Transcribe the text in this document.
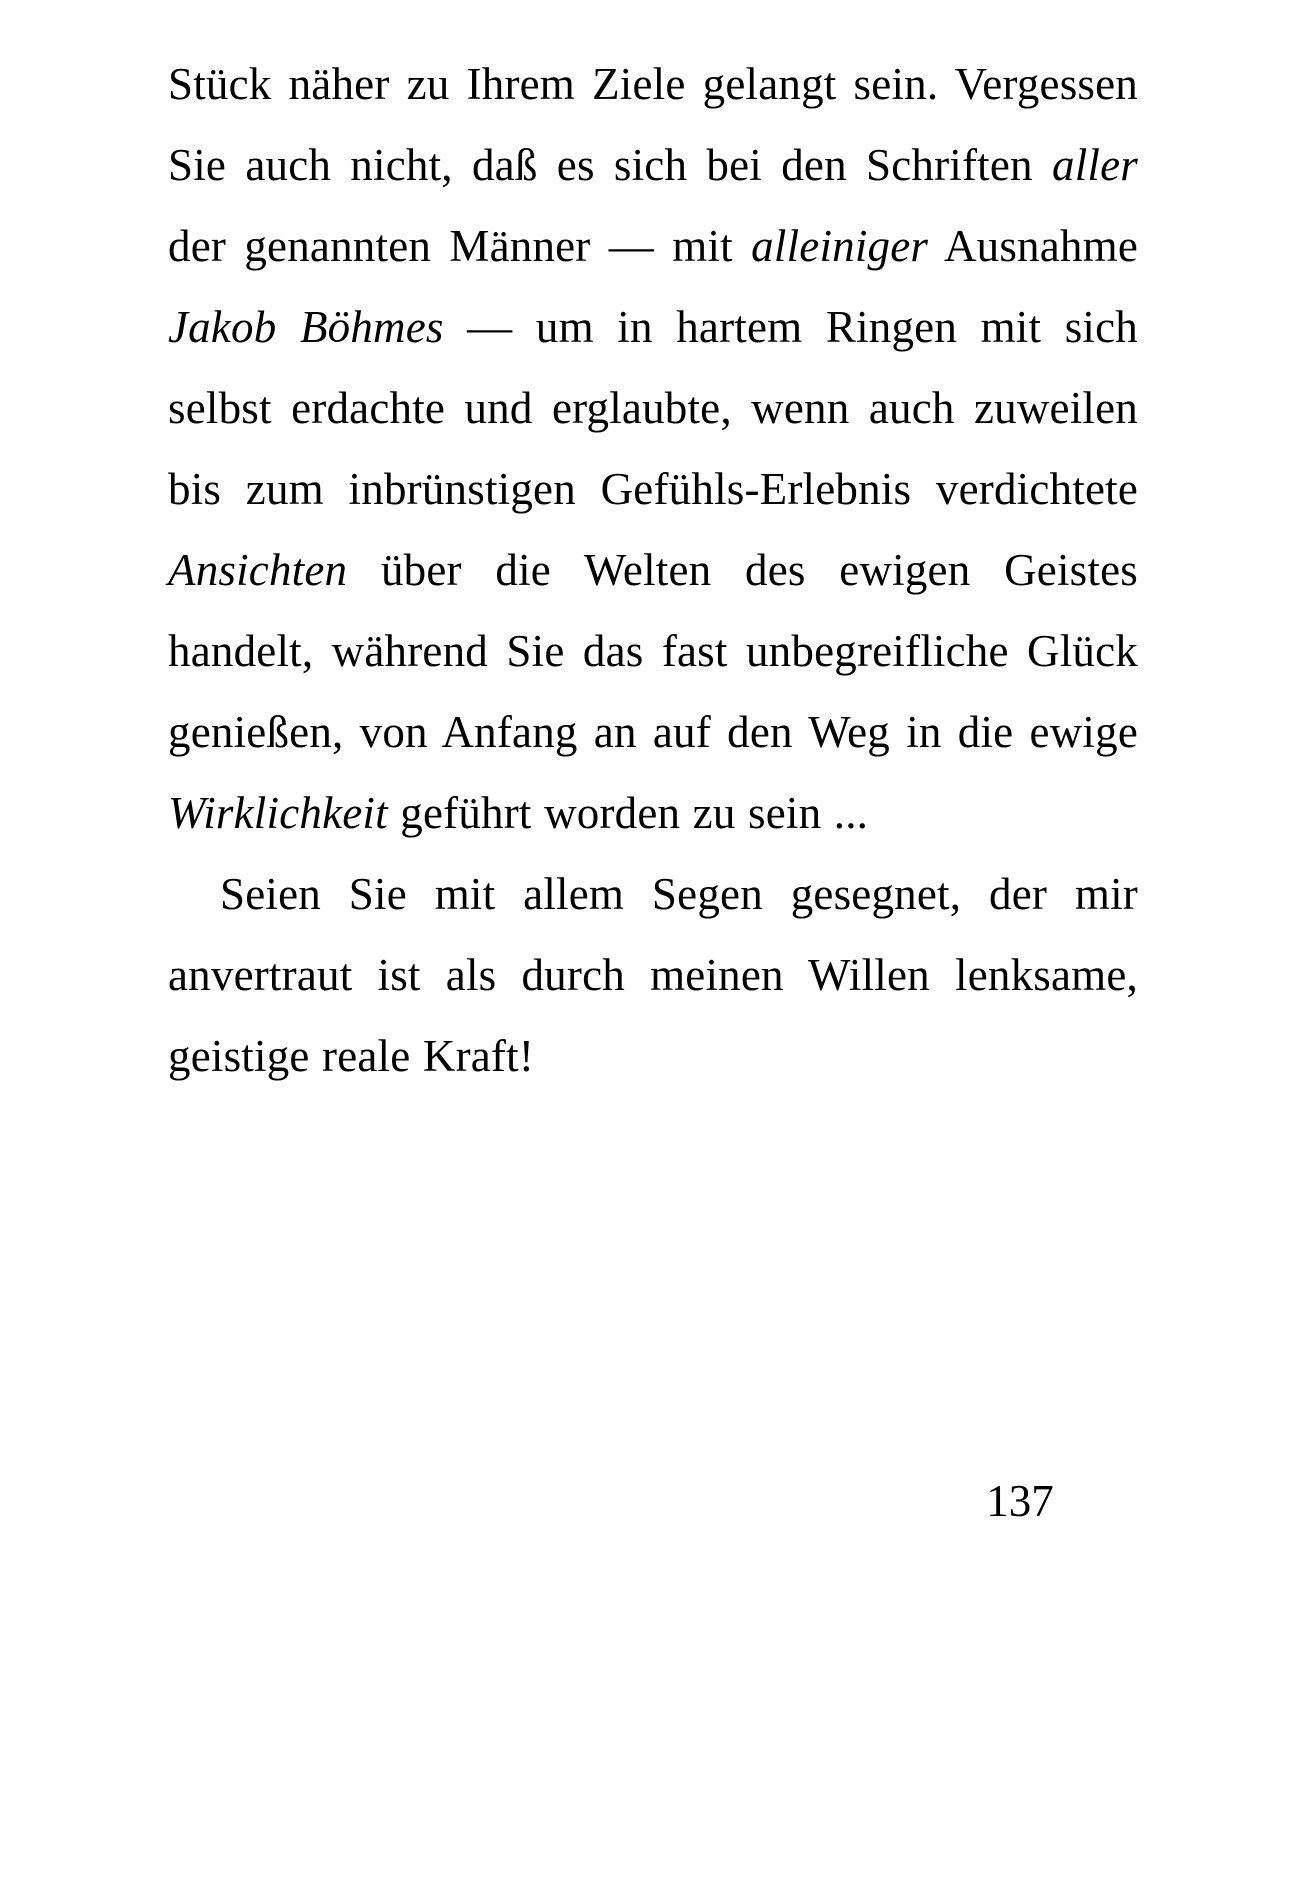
Stück näher zu Ihrem Ziele gelangt sein. Vergessen Sie auch nicht, daß es sich bei den Schriften aller der genannten Männer — mit alleiniger Ausnahme Jakob Böhmes — um in hartem Ringen mit sich selbst erdachte und erglaubte, wenn auch zuweilen bis zum inbrünstigen Gefühls-Erlebnis verdichtete Ansichten über die Welten des ewigen Geistes handelt, während Sie das fast unbegreifliche Glück genießen, von Anfang an auf den Weg in die ewige Wirklichkeit geführt worden zu sein ...

Seien Sie mit allem Segen gesegnet, der mir anvertraut ist als durch meinen Willen lenksame, geistige reale Kraft!

137
